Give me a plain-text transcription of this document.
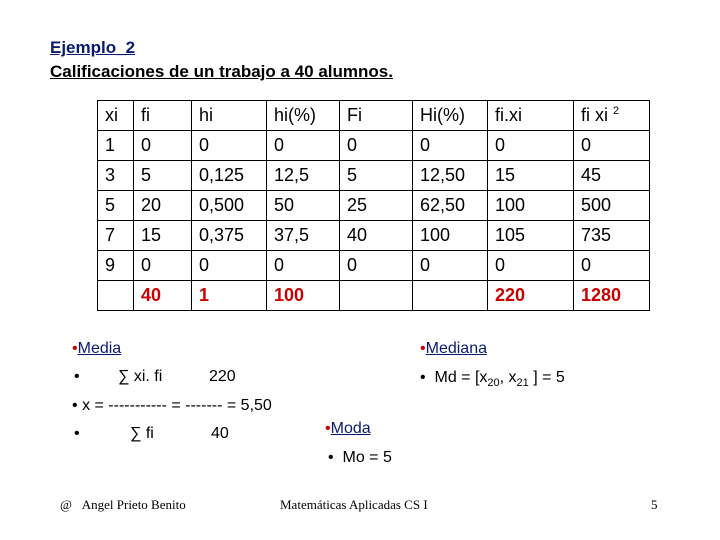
Ejemplo_2
Calificaciones de un trabajo a 40 alumnos.
xi	fi	hi	hi(%)	Fi	Hi(%)	fi.xi	fi xi $^2$
1	0	0	0	0	0	0	0
3	5	0,125	12,5	5	12,50	15	45
5	20	0,500	50	25	62,50	100	500
7	15	0,375	37,5	40	100	105	735
9	0	0	0	0	0	0	0
	40	1	100			220	1280
•Media
• ∑ xi. fi	220
• x = ----------- = ------- = 5,50
•	∑ fi	40
•Mediana
• $Md = [x_{20}$, $x_{21}$ ] = 5
•Moda
• Mo = 5
@ Angel Prieto Benito	Matemáticas Aplicadas CS I	5
